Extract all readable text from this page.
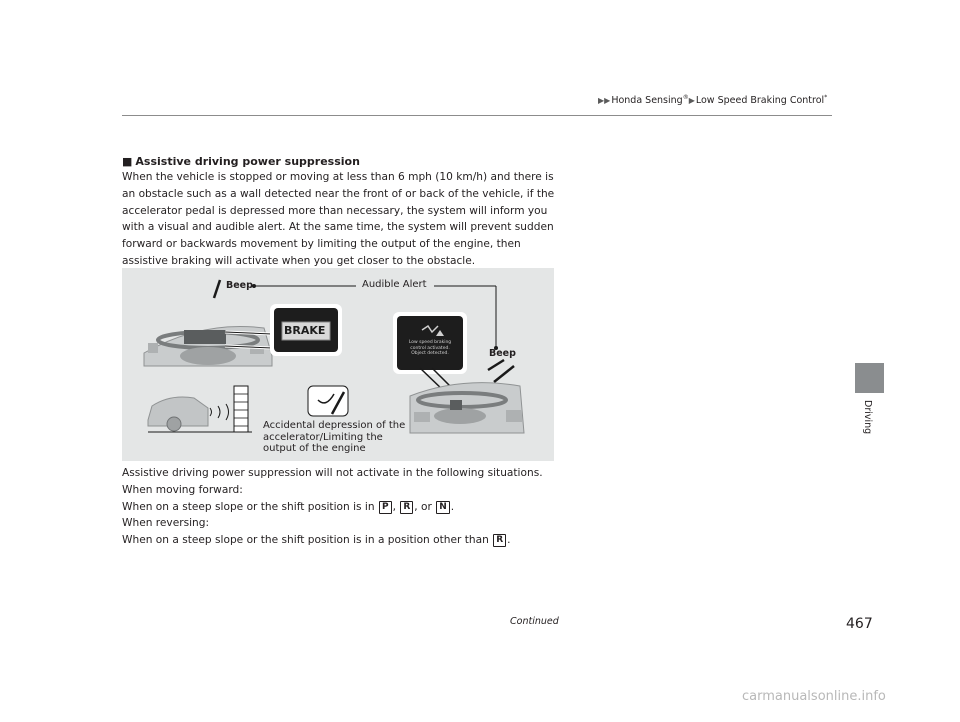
▶▶Honda Sensing®▶Low Speed Braking Control*
Driving
■ Assistive driving power suppression
When the vehicle is stopped or moving at less than 6 mph (10 km/h) and there is an obstacle such as a wall detected near the front of or back of the vehicle, if the accelerator pedal is depressed more than necessary, the system will inform you with a visual and audible alert. At the same time, the system will prevent sudden forward or backwards movement by limiting the output of the engine, then assistive braking will activate when you get closer to the obstacle.
Beep	Audible Alert
Beep
BRAKE
Low speed braking
control activated.
Object detected.
Accidental depression of the accelerator/Limiting the output of the engine
Assistive driving power suppression will not activate in the following situations.
When moving forward:
When on a steep slope or the shift position is in P , R , or N .
When reversing:
When on a steep slope or the shift position is in a position other than R .
Continued	467
carmanualsonline.info
